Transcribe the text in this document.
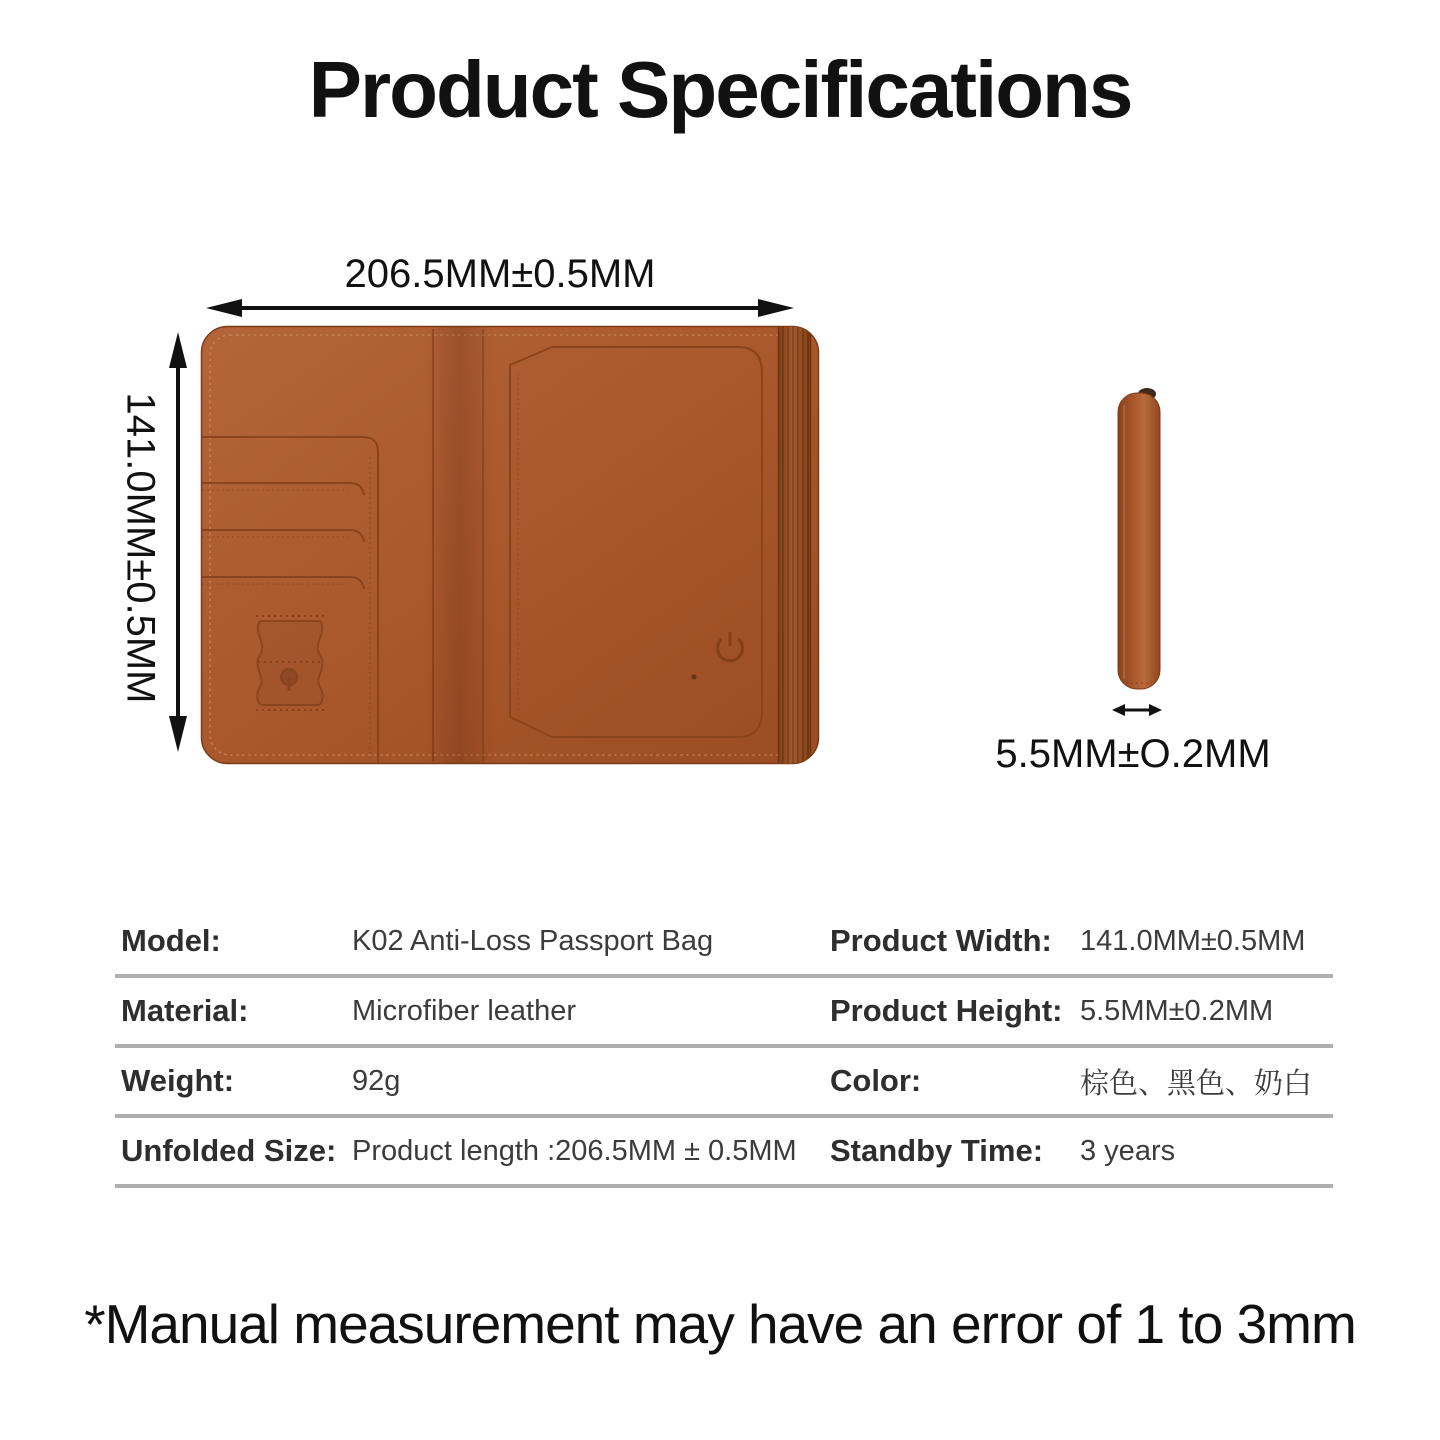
Product Specifications
206.5MM±0.5MM
141.0MM±0.5MM
5.5MM±O.2MM
Model:	K02 Anti-Loss Passport Bag	Product Width: 141.0MM±0.5MM
Material:	Microfiber leather	Product Height: 5.5MM±0.2MM
Weight:	92g	Color:	棕色、黑色、奶白
Unfolded Size: Product length :206.5MM ± 0.5MM	Standby Time:	3 years
*Manual measurement may have an error of 1 to 3mm
